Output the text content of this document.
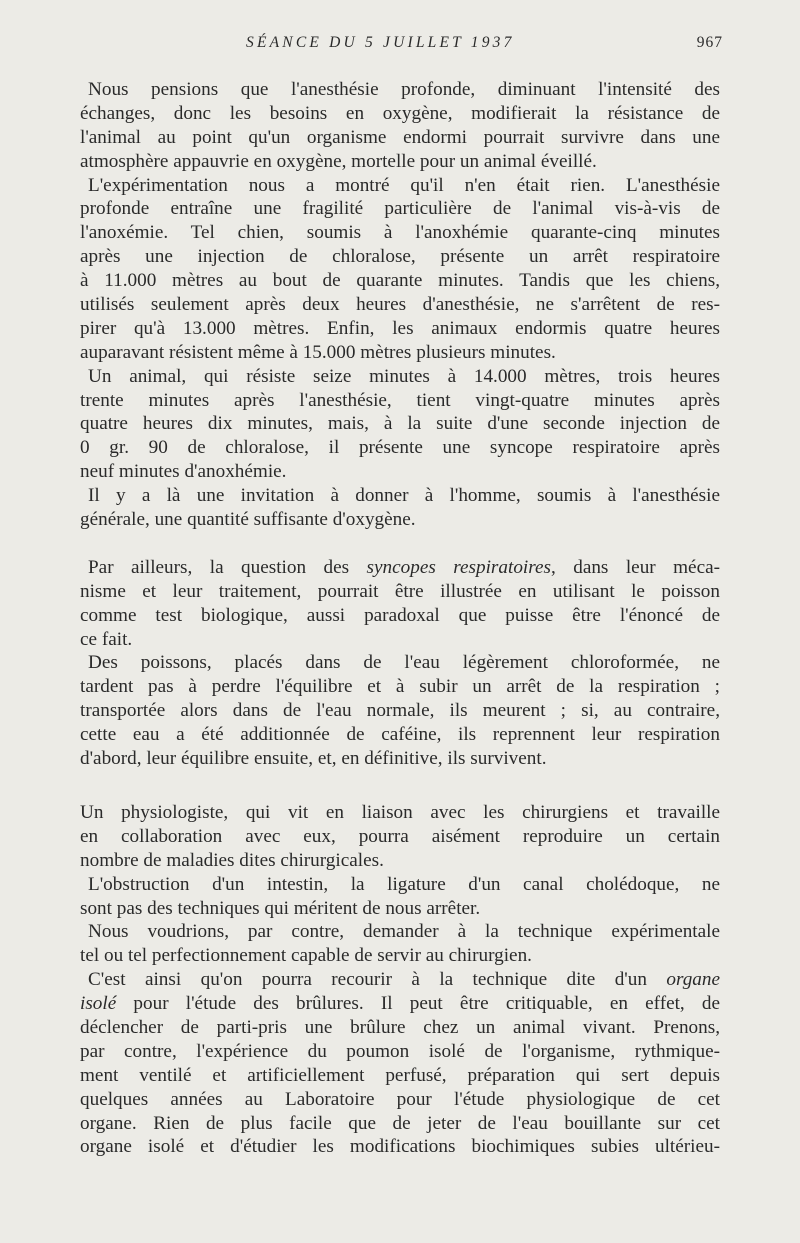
SÉANCE DU 5 JUILLET 1937	967
Nous pensions que l'anesthésie profonde, diminuant l'intensité des
échanges, donc les besoins en oxygène, modifierait la résistance de
l'animal au point qu'un organisme endormi pourrait survivre dans une
atmosphère appauvrie en oxygène, mortelle pour un animal éveillé.
L'expérimentation nous a montré qu'il n'en était rien. L'anesthésie
profonde entraîne une fragilité particulière de l'animal vis-à-vis de
l'anoxémie. Tel chien, soumis à l'anoxhémie quarante-cinq minutes
après une injection de chloralose, présente un arrêt respiratoire
à 11.000 mètres au bout de quarante minutes. Tandis que les chiens,
utilisés seulement après deux heures d'anesthésie, ne s'arrêtent de res-
pirer qu'à 13.000 mètres. Enfin, les animaux endormis quatre heures
auparavant résistent même à 15.000 mètres plusieurs minutes.
Un animal, qui résiste seize minutes à 14.000 mètres, trois heures
trente minutes après l'anesthésie, tient vingt-quatre minutes après
quatre heures dix minutes, mais, à la suite d'une seconde injection de
0 gr. 90 de chloralose, il présente une syncope respiratoire après
neuf minutes d'anoxhémie.
Il y a là une invitation à donner à l'homme, soumis à l'anesthésie
générale, une quantité suffisante d'oxygène.
Par ailleurs, la question des syncopes respiratoires, dans leur méca-
nisme et leur traitement, pourrait être illustrée en utilisant le poisson
comme test biologique, aussi paradoxal que puisse être l'énoncé de
ce fait.
Des poissons, placés dans de l'eau légèrement chloroformée, ne
tardent pas à perdre l'équilibre et à subir un arrêt de la respiration ;
transportée alors dans de l'eau normale, ils meurent ; si, au contraire,
cette eau a été additionnée de caféine, ils reprennent leur respiration
d'abord, leur équilibre ensuite, et, en définitive, ils survivent.
Un physiologiste, qui vit en liaison avec les chirurgiens et travaille
en collaboration avec eux, pourra aisément reproduire un certain
nombre de maladies dites chirurgicales.
L'obstruction d'un intestin, la ligature d'un canal cholédoque, ne
sont pas des techniques qui méritent de nous arrêter.
Nous voudrions, par contre, demander à la technique expérimentale
tel ou tel perfectionnement capable de servir au chirurgien.
C'est ainsi qu'on pourra recourir à la technique dite d'un organe
isolé pour l'étude des brûlures. Il peut être critiquable, en effet, de
déclencher de parti-pris une brûlure chez un animal vivant. Prenons,
par contre, l'expérience du poumon isolé de l'organisme, rythmique-
ment ventilé et artificiellement perfusé, préparation qui sert depuis
quelques années au Laboratoire pour l'étude physiologique de cet
organe. Rien de plus facile que de jeter de l'eau bouillante sur cet
organe isolé et d'étudier les modifications biochimiques subies ultérieu-
